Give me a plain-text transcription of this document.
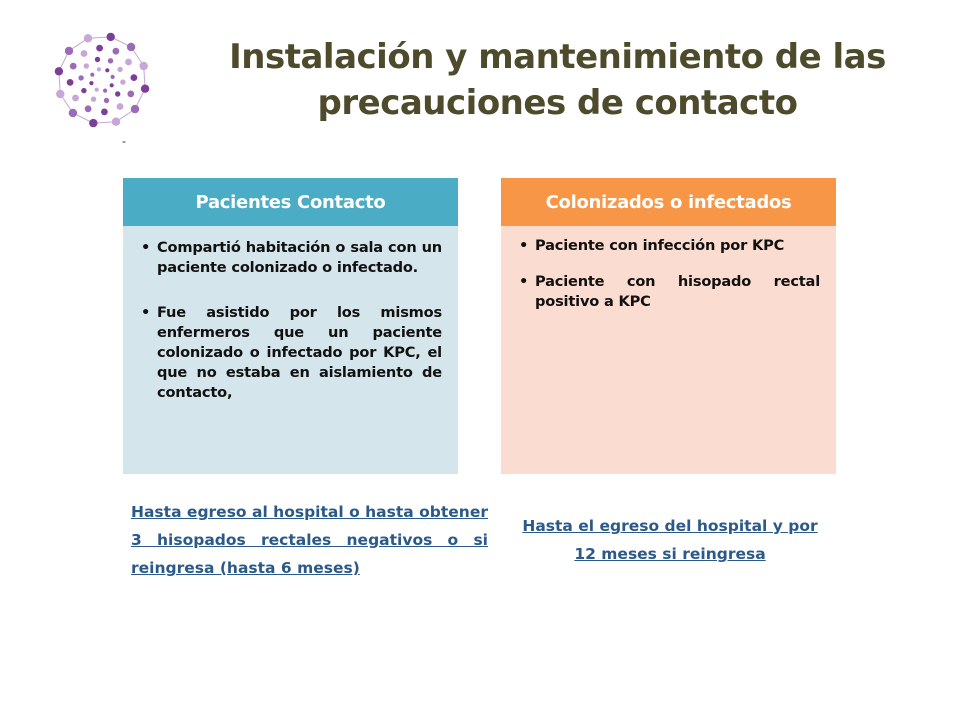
-
Instalación y mantenimiento de las precauciones de contacto
Pacientes Contacto
• Compartió habitación o sala con un paciente colonizado o infectado.
• Fue asistido por los mismos enfermeros que un paciente colonizado o infectado por KPC, el que no estaba en aislamiento de contacto,
Colonizados o infectados
• Paciente con infección por KPC
• Paciente con hisopado rectal positivo a KPC
Hasta egreso al hospital o hasta obtener 3 hisopados rectales negativos o si reingresa (hasta 6 meses)
Hasta el egreso del hospital y por 12 meses si reingresa
